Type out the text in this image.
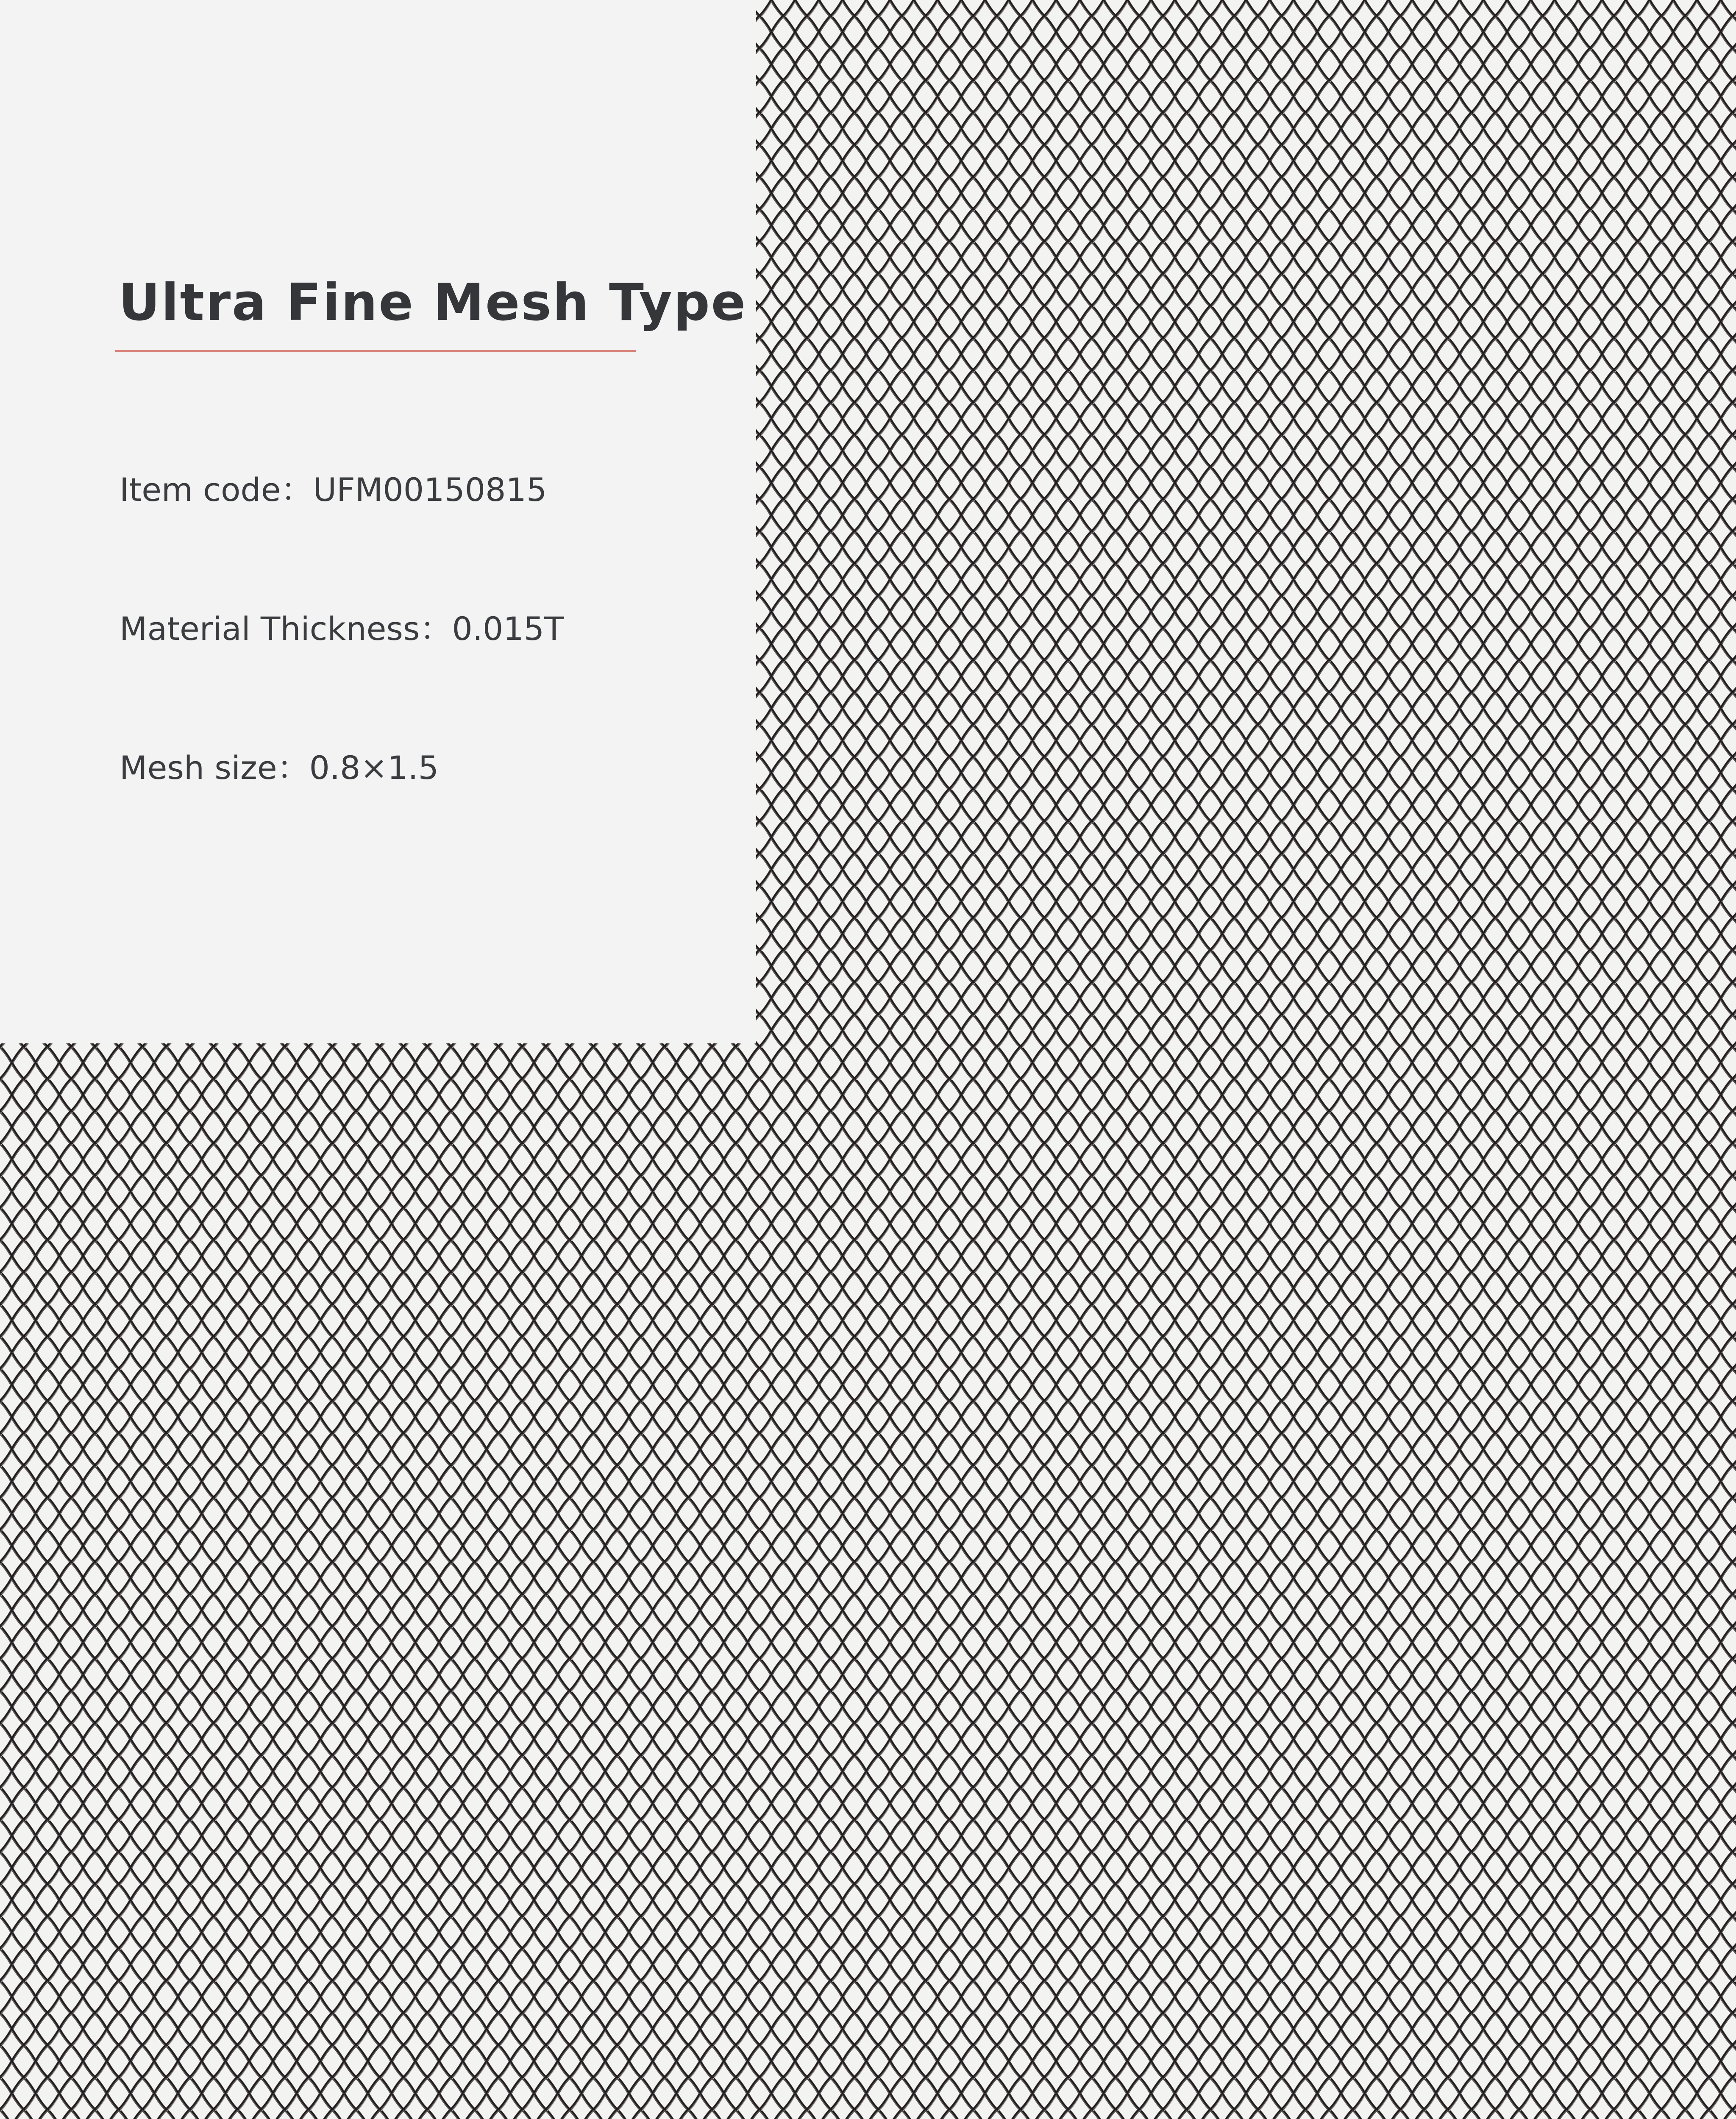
Ultra Fine Mesh Type

Item code：UFM00150815

Material Thickness：0.015T

Mesh size：0.8×1.5
